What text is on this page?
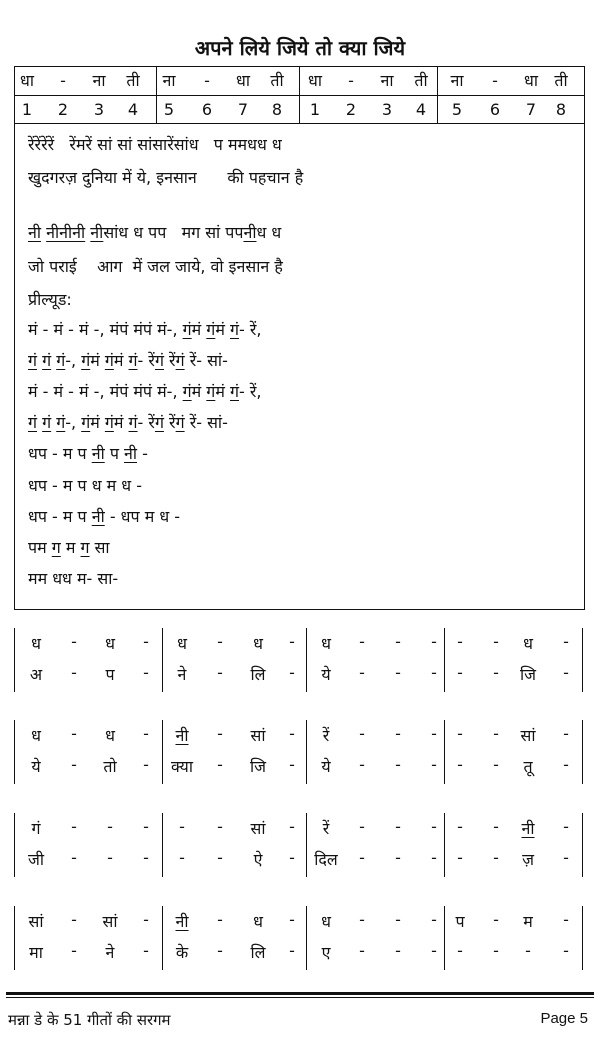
अपने लिये जिये तो क्या जिये
धा	-	ना	ती	ना	-	धा	ती	धा	-	ना	ती	ना	-	धा	ती
1	2	3	4	5	6	7	8	1	2	3	4	5	6	7	8
रेंरेंरेंरें   रेंमरें सां सां सांसारेंसांध   प ममधध ध
खुदगरज़ दुनिया में ये, इनसान      की पहचान है
नी नीनीनी नीसांध ध पप   मग सां पपनीध ध
जो पराई    आग  में जल जाये, वो इनसान है
प्रील्यूड:
मं - मं - मं -, मंपं मंपं मं-, गंमं गंमं गं- रें,
गं गं गं-, गंमं गंमं गं- रेंगं रेंगं रें- सां-
मं - मं - मं -, मंपं मंपं मं-, गंमं गंमं गं- रें,
गं गं गं-, गंमं गंमं गं- रेंगं रेंगं रें- सां-
धप - म प नी प नी -
धप - म प ध म ध -
धप - म प नी - धप म ध -
पम ग म ग सा
मम धध म- सा-
ध	-	ध	-	ध	-	ध	-	ध	-	-	-	-	-	ध	-
अ	-	प	-	ने	-	लि	-	ये	-	-	-	-	-	जि	-
ध	-	ध	-	नी	-	सां	-	रें	-	-	-	-	-	सां	-
ये	-	तो	-	क्या	-	जि	-	ये	-	-	-	-	-	तू	-
गं	-	-	-	-	-	सां	-	रें	-	-	-	-	-	नी	-
जी	-	-	-	-	-	ऐ	-	दिल	-	-	-	-	-	ज़	-
सां	-	सां	-	नी	-	ध	-	ध	-	-	-	प	-	म	-
मा	-	ने	-	के	-	लि	-	ए	-	-	-	-	-	-	-
मन्ना डे के 51 गीतों की सरगम	Page 5
